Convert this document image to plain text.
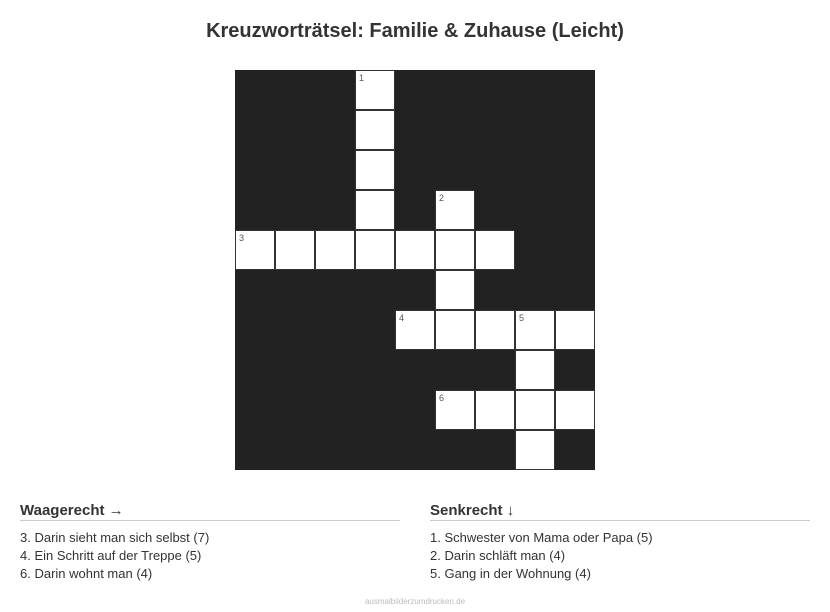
Kreuzworträtsel: Familie & Zuhause (Leicht)
1
2
3
4	5
6
Waagerecht →
3. Darin sieht man sich selbst (7)
4. Ein Schritt auf der Treppe (5)
6. Darin wohnt man (4)
Senkrecht ↓
1. Schwester von Mama oder Papa (5)
2. Darin schläft man (4)
5. Gang in der Wohnung (4)
ausmalbilderzumdrucken.de
